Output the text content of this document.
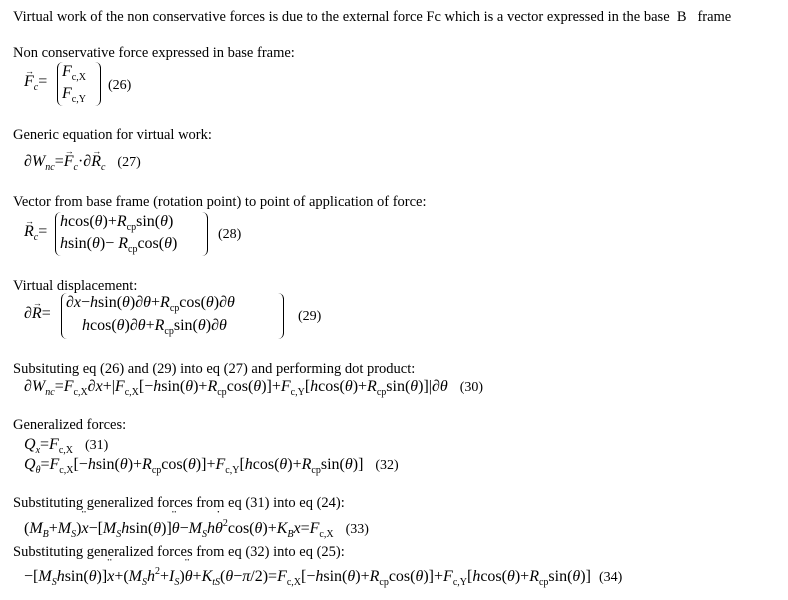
Virtual work of the non conservative forces is due to the external force Fc which is a vector expressed in the base B frame
Non conservative force expressed in base frame:
→ $F_c=$
$F_{c,X}$
$F_{c,Y}$
(26)
Generic equation for virtual work:
$\partial W_{nc}=\to F_c\cdot\partial\to R_c$ (27)
Vector from base frame (rotation point) to point of application of force:
→ $R_c=$
$hcos(\theta)+R_{cp}\sin(\theta)$
$hsin(\theta)- R_{cp}\cos(\theta)$
(28)
Virtual displacement:
∂→ R=
$\partial x-hsin(\theta)\partial\theta+R_{cp}\cos(\theta)\partial\theta$
$hcos(\theta)\partial\theta+R_{cp}\sin(\theta)\partial\theta$
(29)
Subsituting eq (26) and (29) into eq (27) and performing dot product:
$\partial W_{nc}=F_{c,X}\partial x+|F_{c,X}[-hsin(\theta)+R_{cp}\cos(\theta)]+F_{c,Y}[hcos(\theta)+R_{cp}\sin(\theta)]|\partial\theta$ (30)
Generalized forces:
$Q_x=F_{c,X}$ (31)
$Q_\theta=F_{c,X}[-hsin(\theta)+R_{cp}\cos(\theta)]+F_{c,Y}[hcos(\theta)+R_{cp}\sin(\theta)]$   (32)
Substituting generalized forces from eq (31) into eq (24):
$(M_B+M_S)¨$ $x-[M_Shsin(\theta)]¨$ $\theta-M_Sh˙$ $\theta^2\cos(\theta)+K_Bx=F_{c,X}$ (33)
Substituting generalized forces from eq (32) into eq (25):
$-[M_Shsin(\theta)]¨$ $x+(M_Sh^2+I_S)¨$ $\theta+K_{tS}(\theta-\pi/2)=F_{c,X}[-hsin(\theta)+R_{cp}\cos(\theta)]+F_{c,Y}[hcos(\theta)+R_{cp}\sin(\theta)]$  (34)
